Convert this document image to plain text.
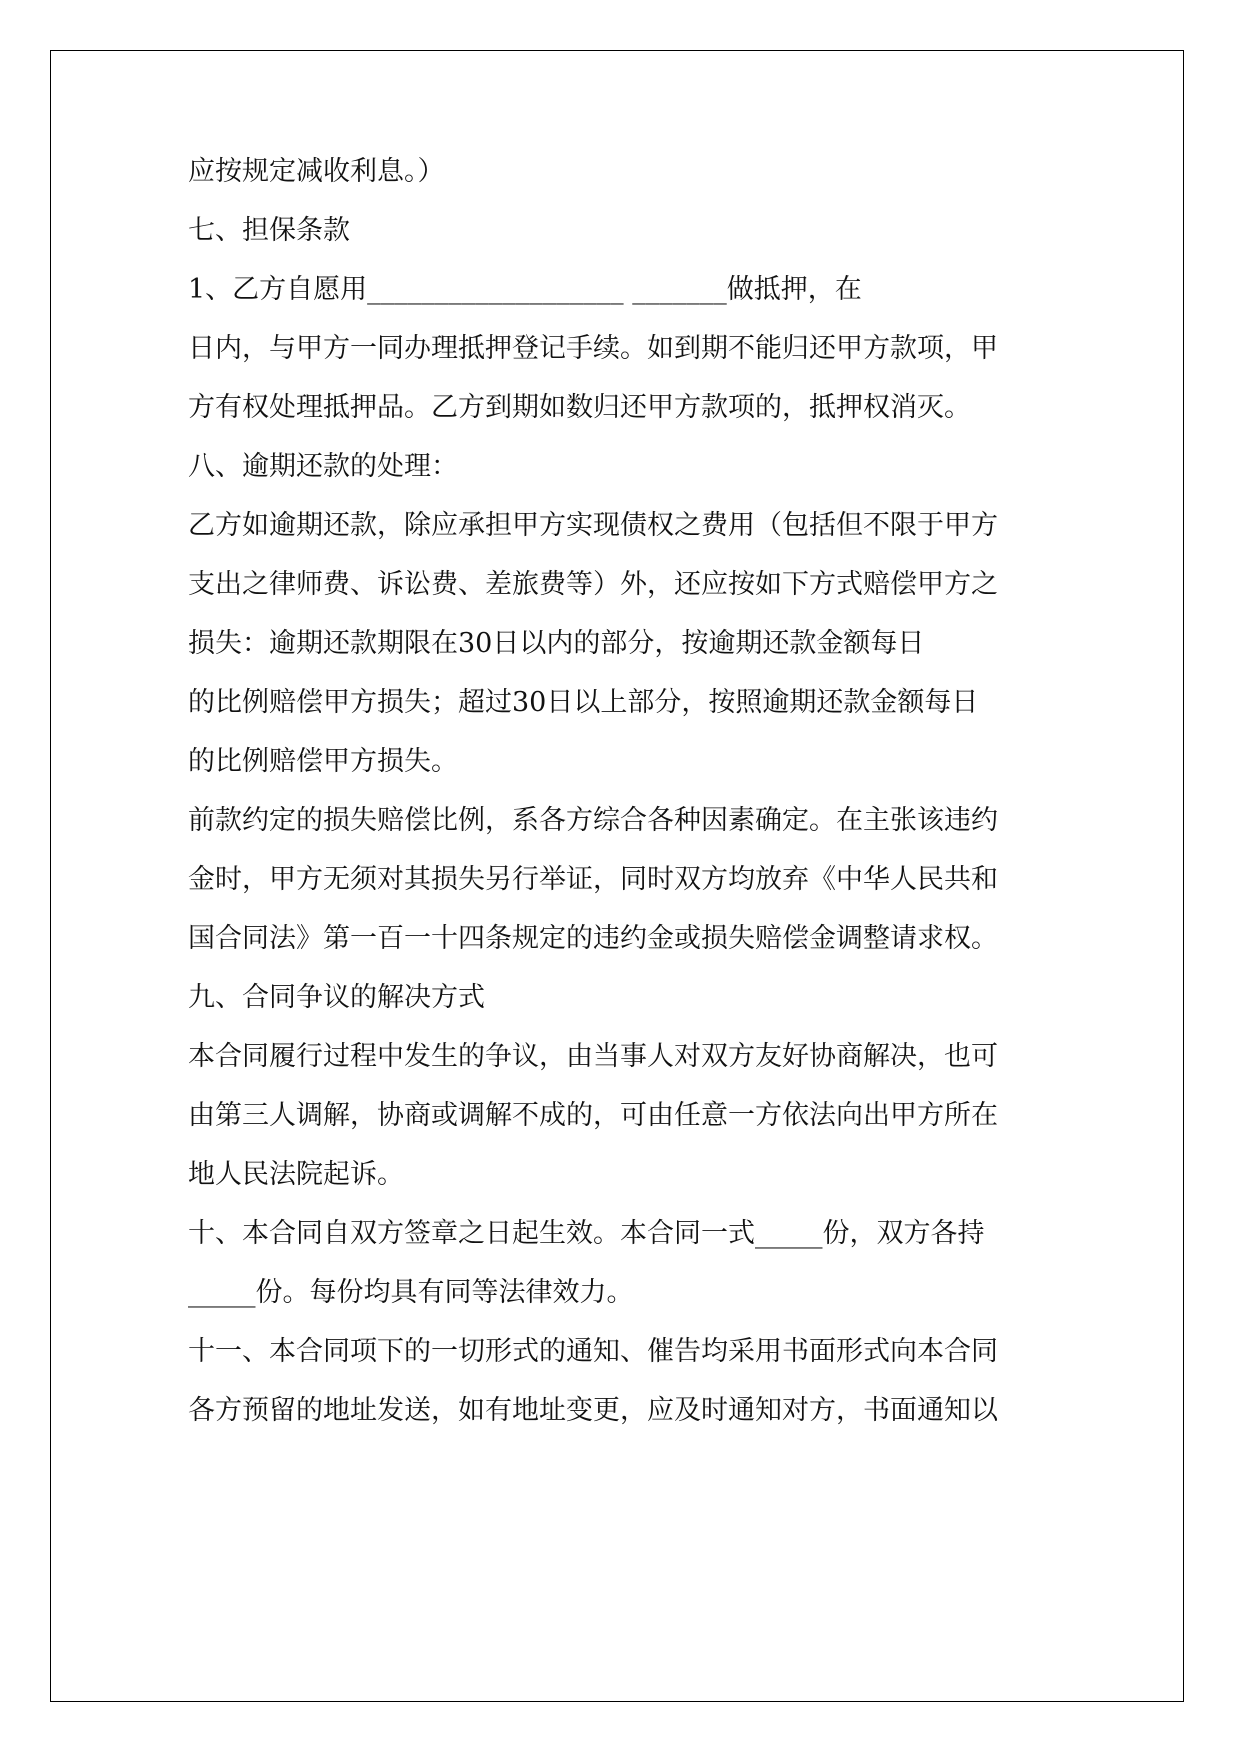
应按规定减收利息。）
七、担保条款
1、乙方自愿用___________________ _______做抵押，在
日内，与甲方一同办理抵押登记手续。如到期不能归还甲方款项，甲
方有权处理抵押品。乙方到期如数归还甲方款项的，抵押权消灭。
八、逾期还款的处理：
乙方如逾期还款，除应承担甲方实现债权之费用（包括但不限于甲方
支出之律师费、诉讼费、差旅费等）外，还应按如下方式赔偿甲方之
损失：逾期还款期限在30日以内的部分，按逾期还款金额每日
的比例赔偿甲方损失；超过30日以上部分，按照逾期还款金额每日
的比例赔偿甲方损失。
前款约定的损失赔偿比例，系各方综合各种因素确定。在主张该违约
金时，甲方无须对其损失另行举证，同时双方均放弃《中华人民共和
国合同法》第一百一十四条规定的违约金或损失赔偿金调整请求权。
九、合同争议的解决方式
本合同履行过程中发生的争议，由当事人对双方友好协商解决，也可
由第三人调解，协商或调解不成的，可由任意一方依法向出甲方所在
地人民法院起诉。
十、本合同自双方签章之日起生效。本合同一式_____份，双方各持
_____份。每份均具有同等法律效力。
十一、本合同项下的一切形式的通知、催告均采用书面形式向本合同
各方预留的地址发送，如有地址变更，应及时通知对方，书面通知以
